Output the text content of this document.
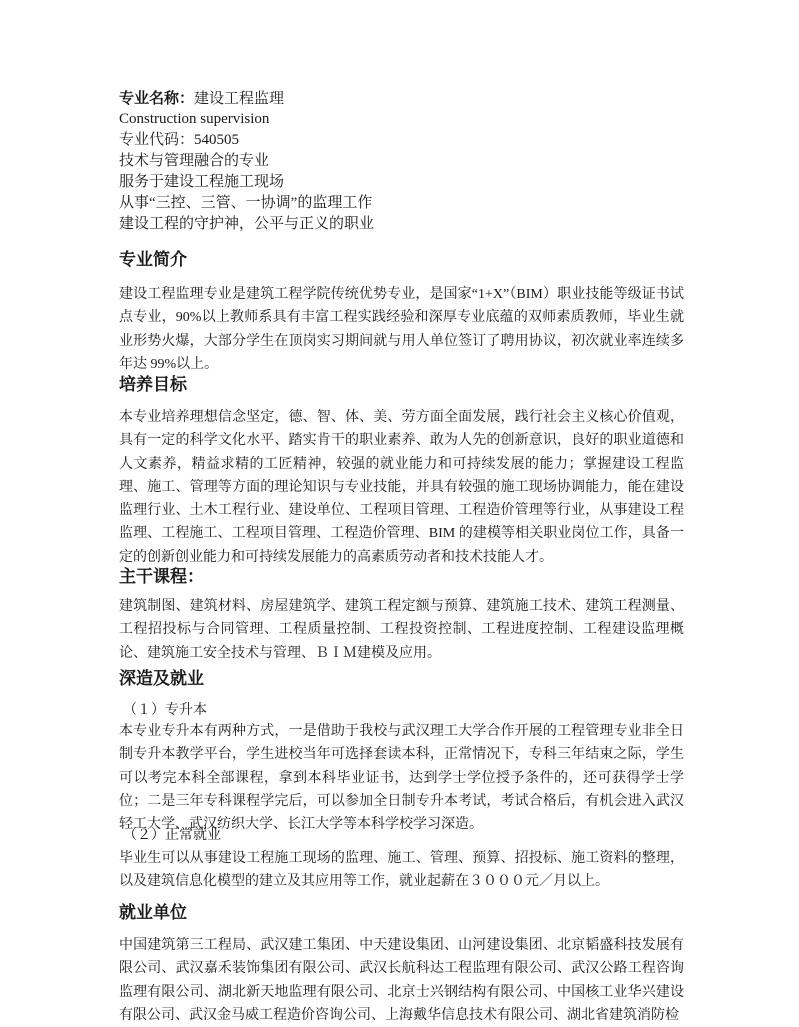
专业名称：建设工程监理
Construction supervision
专业代码：540505
技术与管理融合的专业
服务于建设工程施工现场
从事“三控、三管、一协调”的监理工作
建设工程的守护神，公平与正义的职业
专业简介

建设工程监理专业是建筑工程学院传统优势专业，是国家“1+X”（BIM）职业技能等级证书试点专业，90%以上教师系具有丰富工程实践经验和深厚专业底蕴的双师素质教师，毕业生就业形势火爆，大部分学生在顶岗实习期间就与用人单位签订了聘用协议，初次就业率连续多年达 99%以上。

培养目标

本专业培养理想信念坚定，德、智、体、美、劳方面全面发展，践行社会主义核心价值观，具有一定的科学文化水平、踏实肯干的职业素养、敢为人先的创新意识，良好的职业道德和人文素养，精益求精的工匠精神，较强的就业能力和可持续发展的能力；掌握建设工程监理、施工、管理等方面的理论知识与专业技能，并具有较强的施工现场协调能力，能在建设监理行业、土木工程行业、建设单位、工程项目管理、工程造价管理等行业，从事建设工程监理、工程施工、工程项目管理、工程造价管理、BIM 的建模等相关职业岗位工作，具备一定的创新创业能力和可持续发展能力的高素质劳动者和技术技能人才。

主干课程：

建筑制图、建筑材料、房屋建筑学、建筑工程定额与预算、建筑施工技术、建筑工程测量、工程招投标与合同管理、工程质量控制、工程投资控制、工程进度控制、工程建设监理概论、建筑施工安全技术与管理、ＢＩＭ建模及应用。

深造及就业

（１）专升本

本专业专升本有两种方式，一是借助于我校与武汉理工大学合作开展的工程管理专业非全日制专升本教学平台，学生进校当年可选择套读本科，正常情况下，专科三年结束之际，学生可以考完本科全部课程，拿到本科毕业证书，达到学士学位授予条件的，还可获得学士学位；二是三年专科课程学完后，可以参加全日制专升本考试，考试合格后，有机会进入武汉轻工大学、武汉纺织大学、长江大学等本科学校学习深造。

（２）正常就业

毕业生可以从事建设工程施工现场的监理、施工、管理、预算、招投标、施工资料的整理，以及建筑信息化模型的建立及其应用等工作，就业起薪在３０００元／月以上。

就业单位

中国建筑第三工程局、武汉建工集团、中天建设集团、山河建设集团、北京韬盛科技发展有限公司、武汉嘉禾装饰集团有限公司、武汉长航科达工程监理有限公司、武汉公路工程咨询监理有限公司、湖北新天地监理有限公司、北京士兴钢结构有限公司、中国核工业华兴建设有限公司、武汉金马威工程造价咨询公司、上海戴华信息技术有限公司、湖北省建筑消防检
